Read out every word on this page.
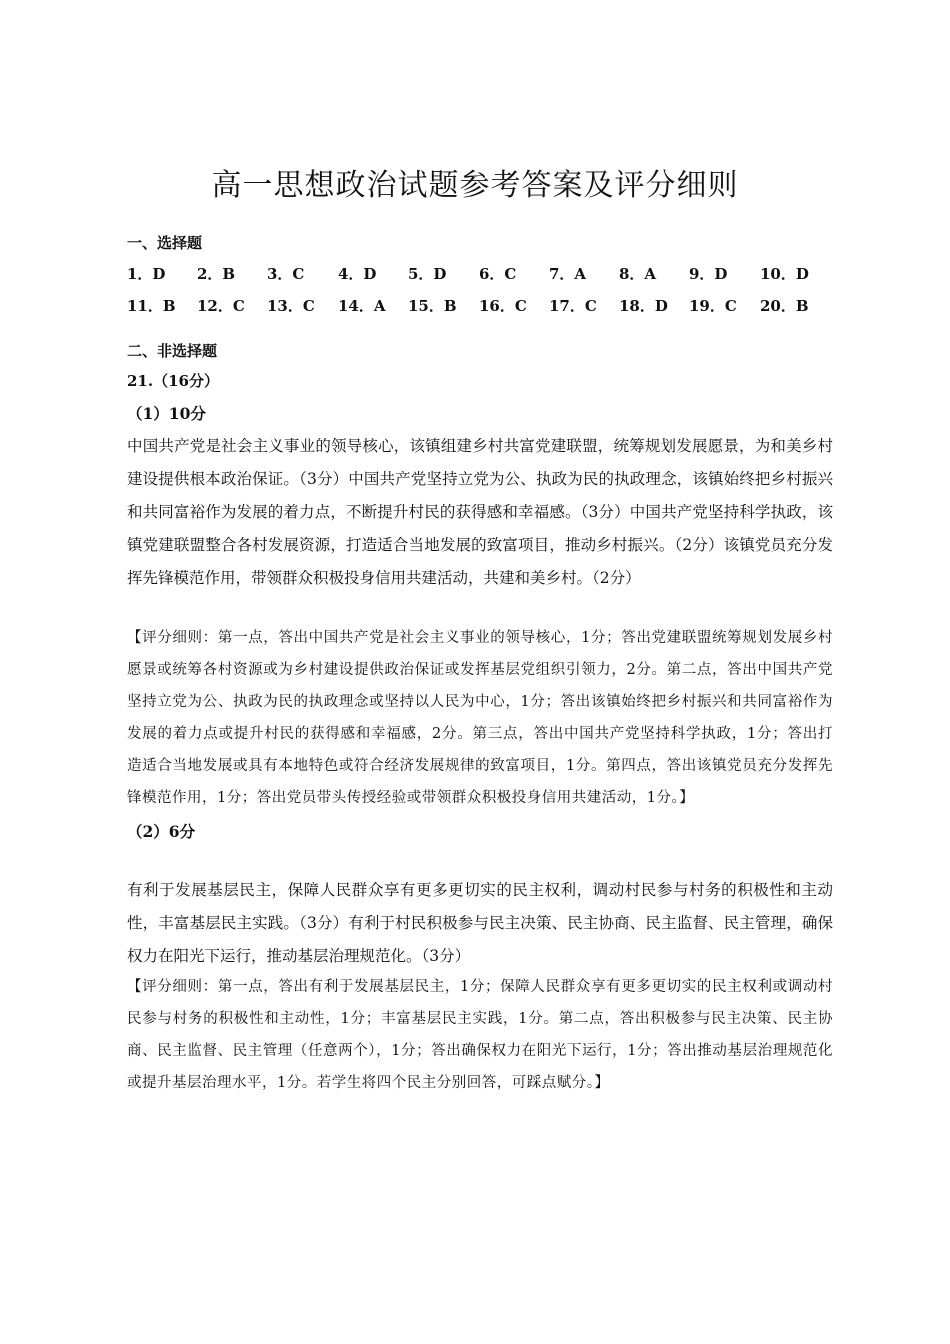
高一思想政治试题参考答案及评分细则
一、选择题
1．D 2．B 3．C 4．D 5．D 6．C 7．A 8．A 9．D 10．D
11．B 12．C 13．C 14．A 15．B 16．C 17．C 18．D 19．C 20．B
二、非选择题
21.（16分）
（1）10分

中国共产党是社会主义事业的领导核心，该镇组建乡村共富党建联盟，统筹规划发展愿景，为和美乡村建设提供根本政治保证。（3分）中国共产党坚持立党为公、执政为民的执政理念，该镇始终把乡村振兴和共同富裕作为发展的着力点，不断提升村民的获得感和幸福感。（3分）中国共产党坚持科学执政，该镇党建联盟整合各村发展资源，打造适合当地发展的致富项目，推动乡村振兴。（2分）该镇党员充分发挥先锋模范作用，带领群众积极投身信用共建活动，共建和美乡村。（2分）

【评分细则：第一点，答出中国共产党是社会主义事业的领导核心，1分；答出党建联盟统筹规划发展乡村愿景或统筹各村资源或为乡村建设提供政治保证或发挥基层党组织引领力，2分。第二点，答出中国共产党坚持立党为公、执政为民的执政理念或坚持以人民为中心，1分；答出该镇始终把乡村振兴和共同富裕作为发展的着力点或提升村民的获得感和幸福感，2分。第三点，答出中国共产党坚持科学执政，1分；答出打造适合当地发展或具有本地特色或符合经济发展规律的致富项目，1分。第四点，答出该镇党员充分发挥先锋模范作用，1分；答出党员带头传授经验或带领群众积极投身信用共建活动，1分。】

（2）6分

有利于发展基层民主，保障人民群众享有更多更切实的民主权利，调动村民参与村务的积极性和主动性，丰富基层民主实践。（3分）有利于村民积极参与民主决策、民主协商、民主监督、民主管理，确保权力在阳光下运行，推动基层治理规范化。（3分）

【评分细则：第一点，答出有利于发展基层民主，1分；保障人民群众享有更多更切实的民主权利或调动村民参与村务的积极性和主动性，1分；丰富基层民主实践，1分。第二点，答出积极参与民主决策、民主协商、民主监督、民主管理（任意两个），1分；答出确保权力在阳光下运行，1分；答出推动基层治理规范化或提升基层治理水平，1分。若学生将四个民主分别回答，可踩点赋分。】
